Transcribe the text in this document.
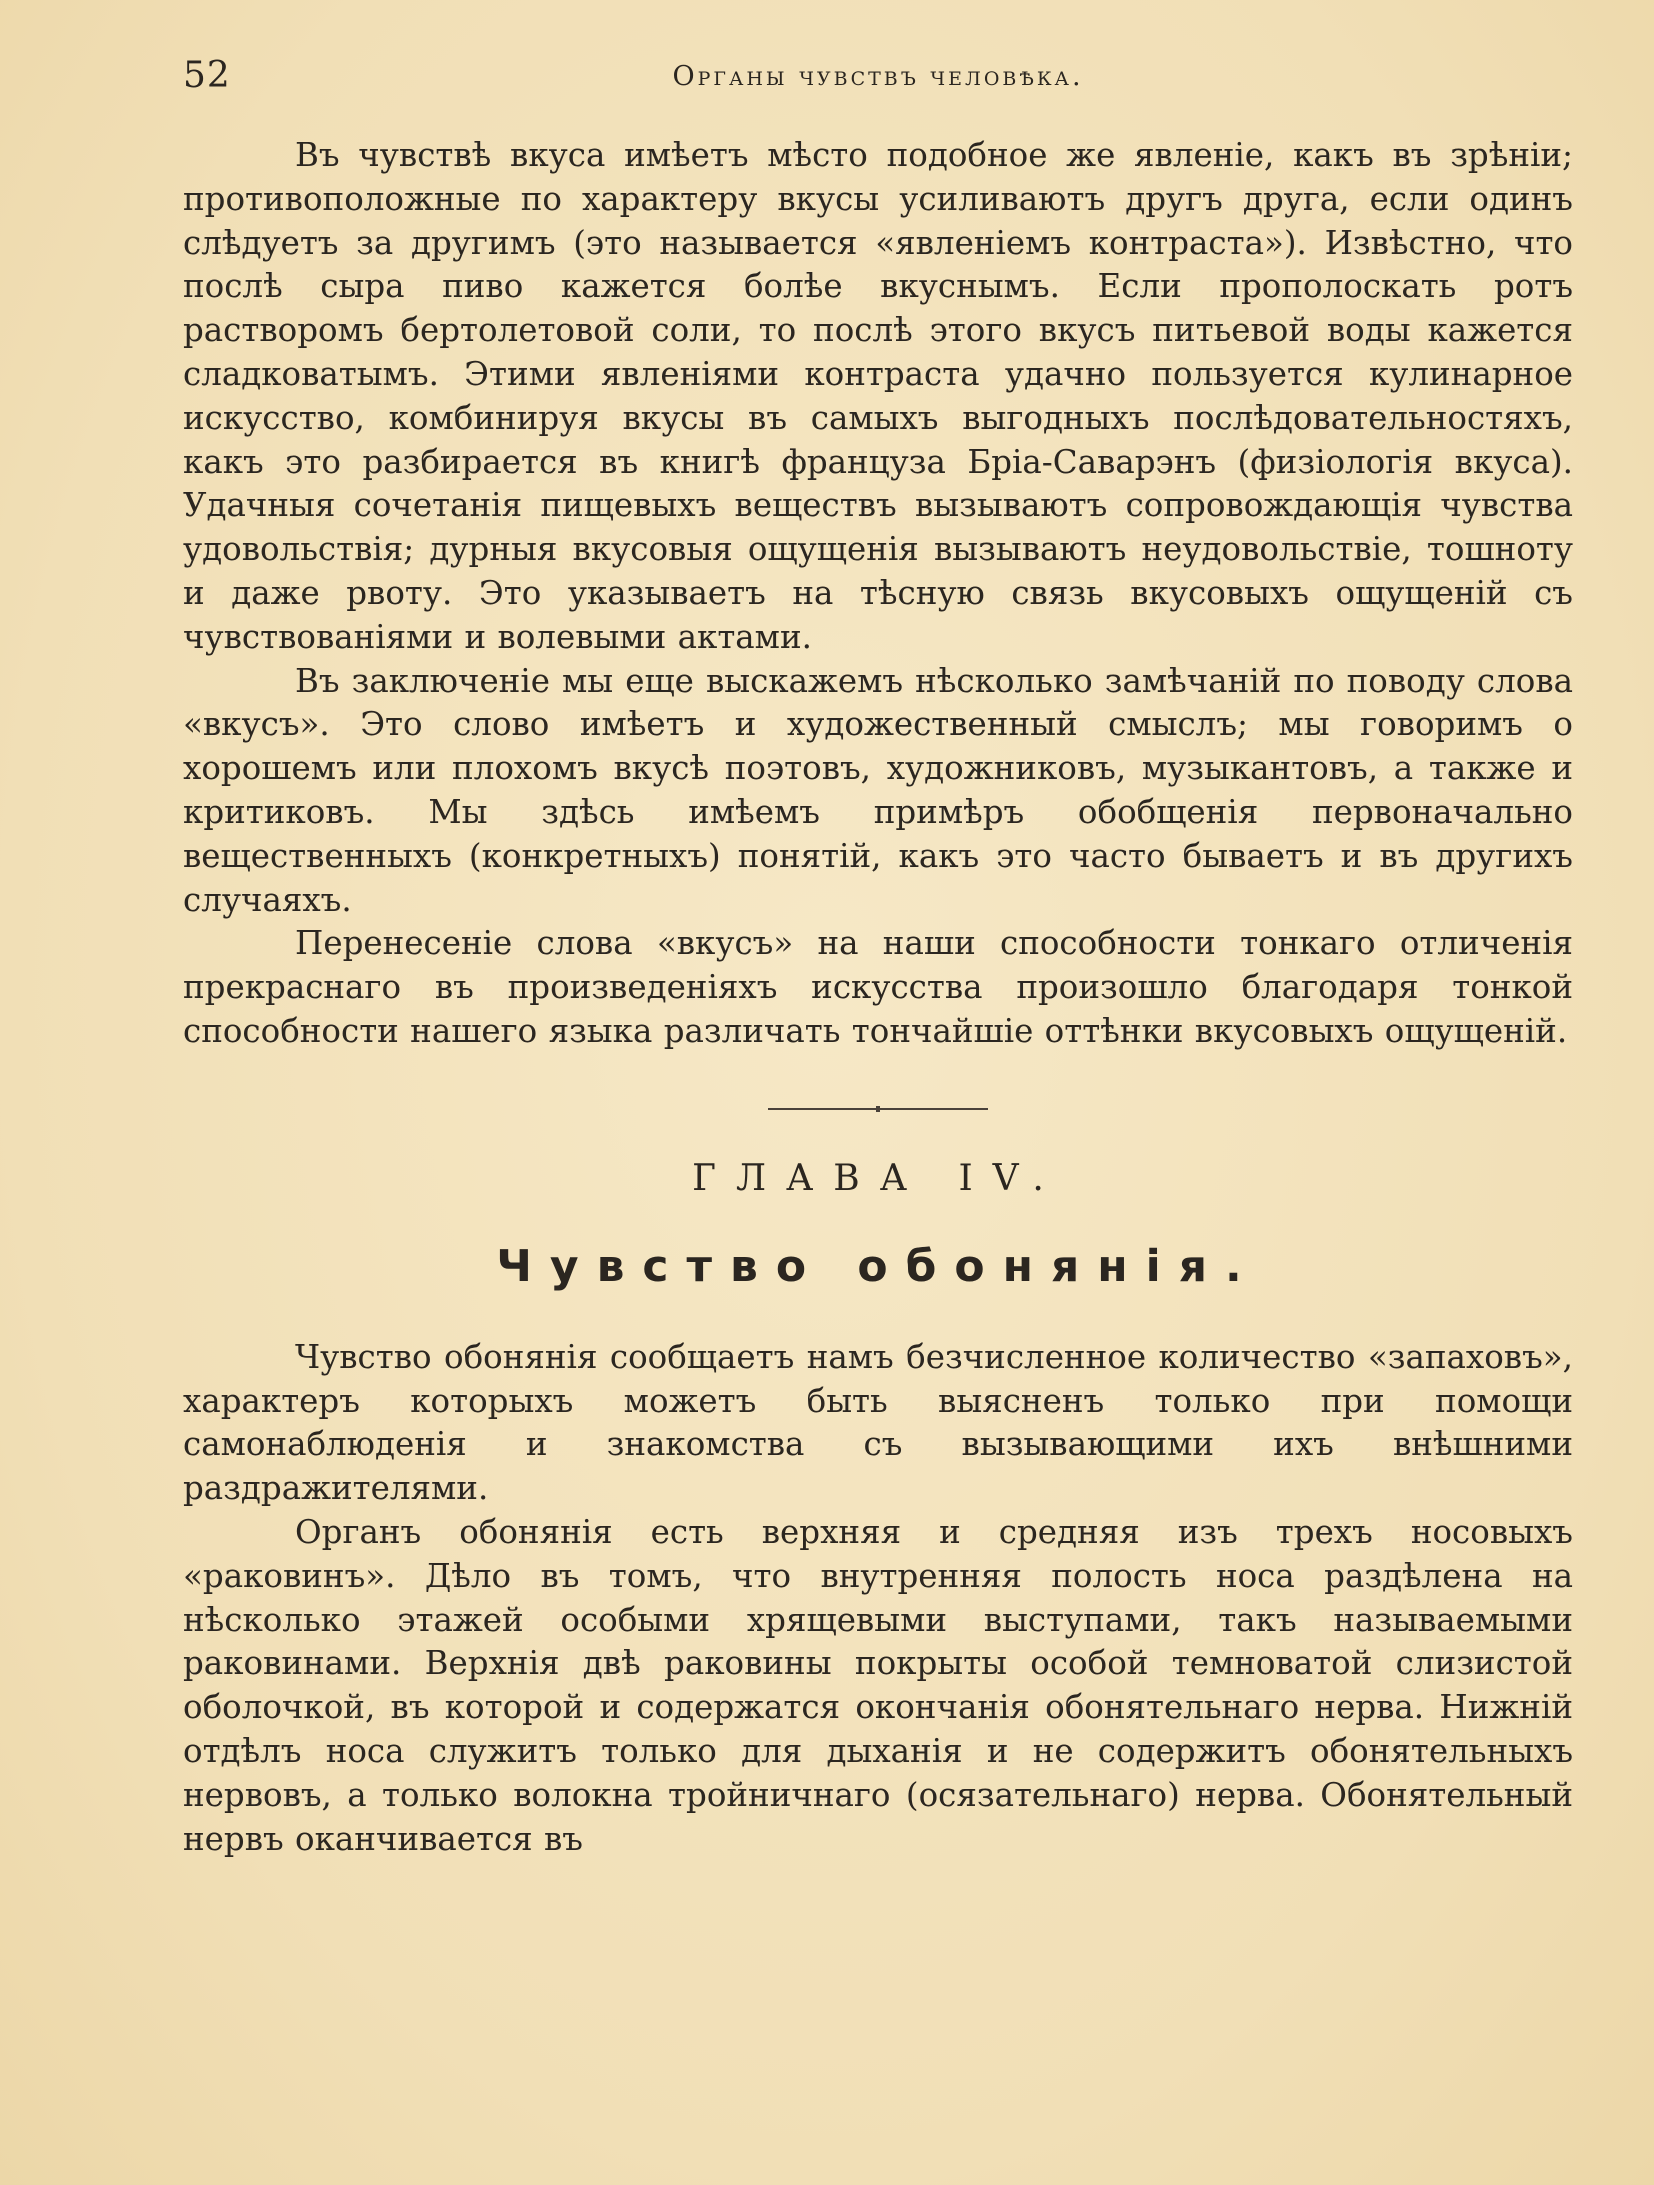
52	Органы чувствъ человѣка.

Въ чувствѣ вкуса имѣетъ мѣсто подобное же явленіе, какъ въ зрѣніи; противоположные по характеру вкусы усиливаютъ другъ друга, если одинъ слѣдуетъ за другимъ (это называется «явленіемъ контраста»). Извѣстно, что послѣ сыра пиво кажется болѣе вкуснымъ. Если прополоскать ротъ растворомъ бертолетовой соли, то послѣ этого вкусъ питьевой воды кажется сладковатымъ. Этими явленіями контраста удачно пользуется кулинарное искусство, комбинируя вкусы въ самыхъ выгодныхъ послѣдовательностяхъ, какъ это разбирается въ книгѣ француза Бріа-Саварэнъ (физіологія вкуса). Удачныя сочетанія пищевыхъ веществъ вызываютъ сопровождающія чувства удовольствія; дурныя вкусовыя ощущенія вызываютъ неудовольствіе, тошноту и даже рвоту. Это указываетъ на тѣсную связь вкусовыхъ ощущеній съ чувствованіями и волевыми актами.

Въ заключеніе мы еще выскажемъ нѣсколько замѣчаній по поводу слова «вкусъ». Это слово имѣетъ и художественный смыслъ; мы говоримъ о хорошемъ или плохомъ вкусѣ поэтовъ, художниковъ, музыкантовъ, а также и критиковъ. Мы здѣсь имѣемъ примѣръ обобщенія первоначально вещественныхъ (конкретныхъ) понятій, какъ это часто бываетъ и въ другихъ случаяхъ.

Перенесеніе слова «вкусъ» на наши способности тонкаго отличенія прекраснаго въ произведеніяхъ искусства произошло благодаря тонкой способности нашего языка различать тончайшіе оттѣнки вкусовыхъ ощущеній.

ГЛАВА IV.
Чувство обонянія.

Чувство обонянія сообщаетъ намъ безчисленное количество «запаховъ», характеръ которыхъ можетъ быть выясненъ только при помощи самонаблюденія и знакомства съ вызывающими ихъ внѣшними раздражителями.

Органъ обонянія есть верхняя и средняя изъ трехъ носовыхъ «раковинъ». Дѣло въ томъ, что внутренняя полость носа раздѣлена на нѣсколько этажей особыми хрящевыми выступами, такъ называемыми раковинами. Верхнія двѣ раковины покрыты особой темноватой слизистой оболочкой, въ которой и содержатся окончанія обонятельнаго нерва. Нижній отдѣлъ носа служитъ только для дыханія и не содержитъ обонятельныхъ нервовъ, а только волокна тройничнаго (осязательнаго) нерва. Обонятельный нервъ оканчивается въ
